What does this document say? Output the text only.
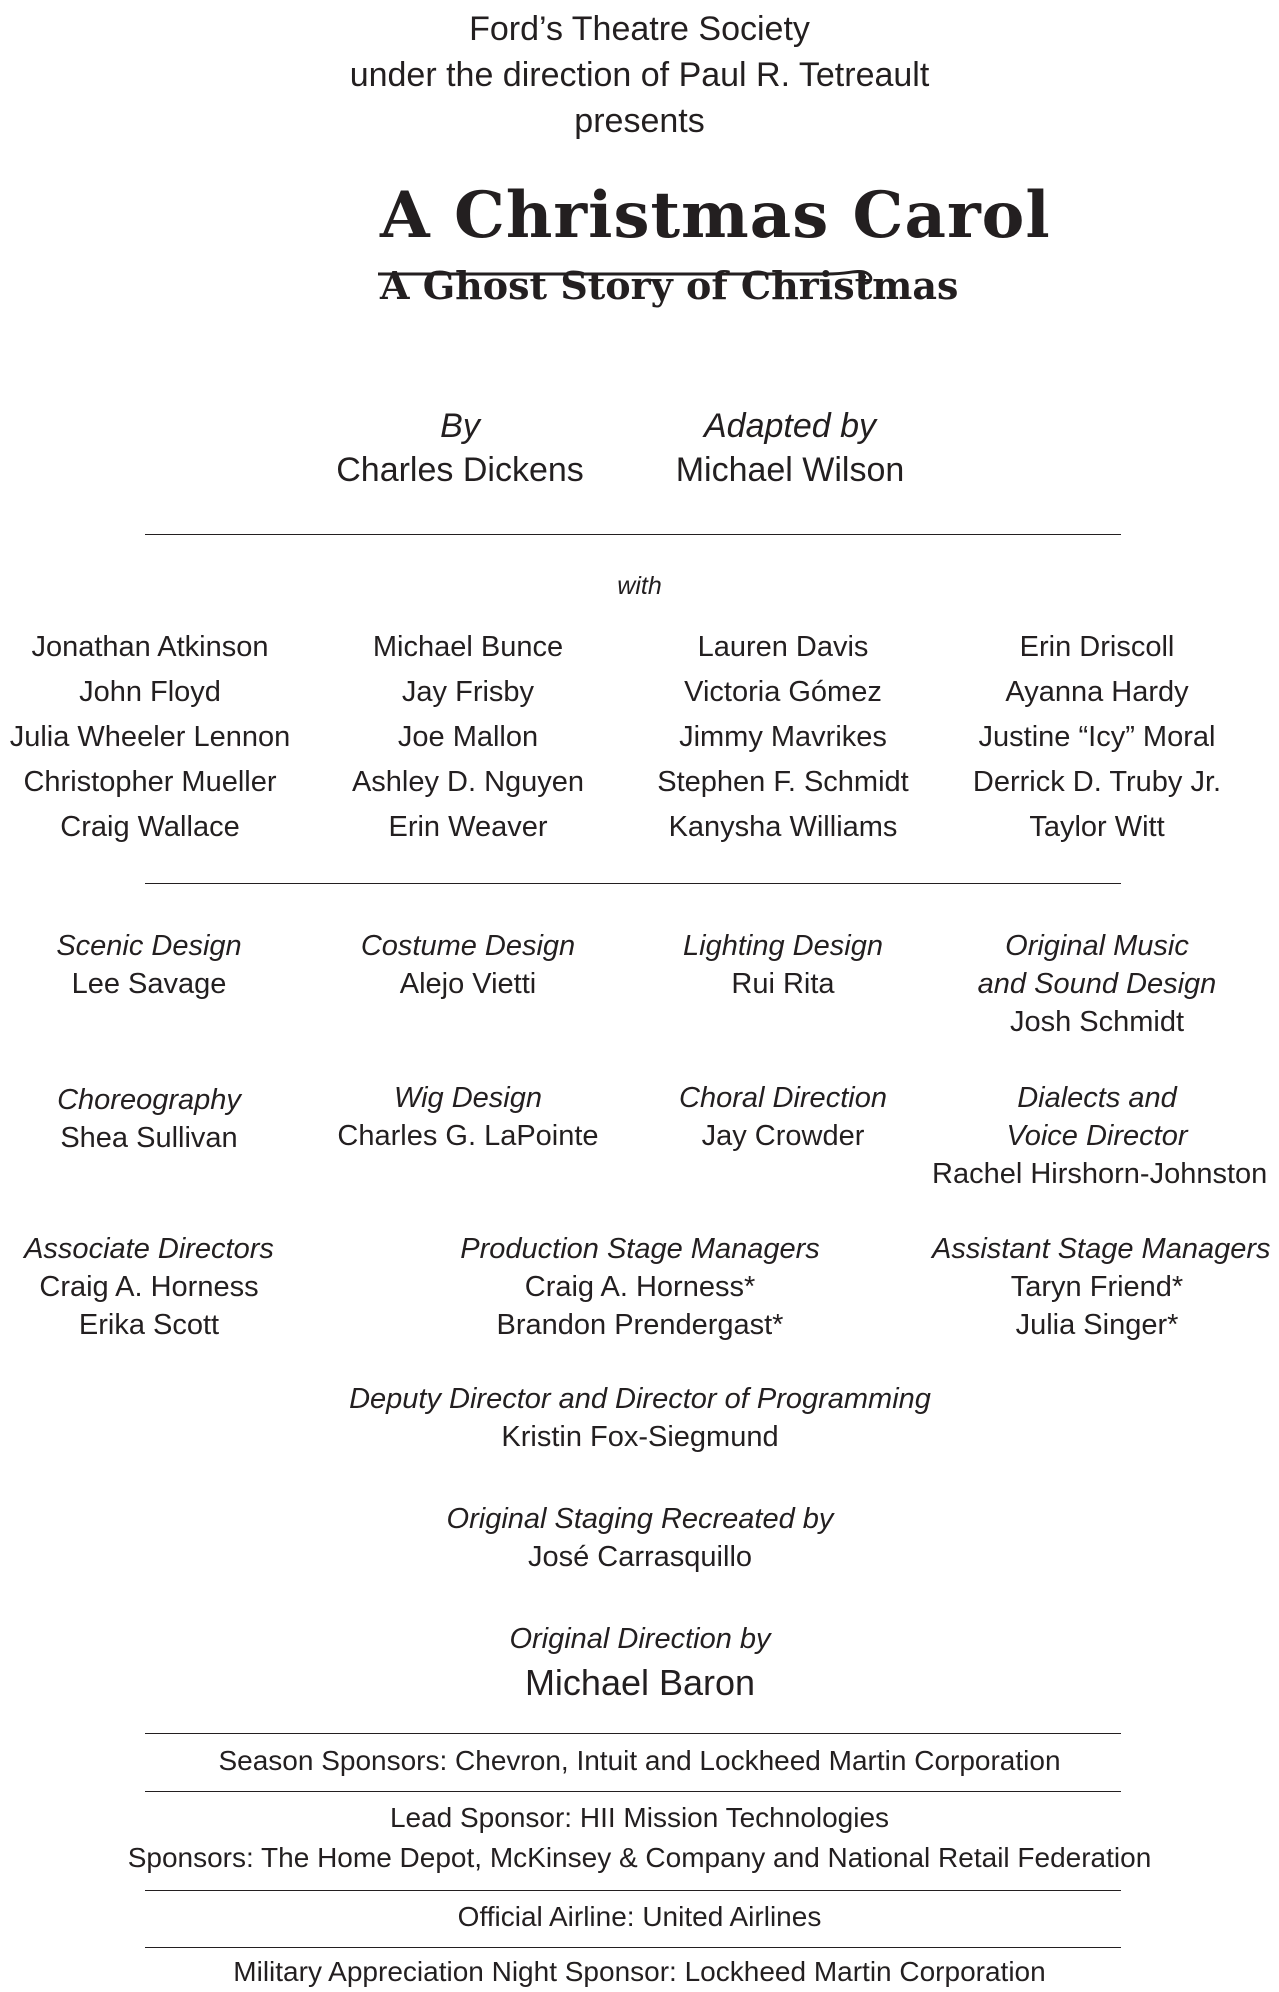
Ford’s Theatre Society
under the direction of Paul R. Tetreault
presents
A Christmas Carol
A Ghost Story of Christmas
By
Charles Dickens
Adapted by
Michael Wilson
with
Jonathan Atkinson
John Floyd
Julia Wheeler Lennon
Christopher Mueller
Craig Wallace
Michael Bunce
Jay Frisby
Joe Mallon
Ashley D. Nguyen
Erin Weaver
Lauren Davis
Victoria Gómez
Jimmy Mavrikes
Stephen F. Schmidt
Kanysha Williams
Erin Driscoll
Ayanna Hardy
Justine “Icy” Moral
Derrick D. Truby Jr.
Taylor Witt
Scenic Design
Lee Savage
Costume Design
Alejo Vietti
Lighting Design
Rui Rita
Original Music
and Sound Design
Josh Schmidt
Choreography
Shea Sullivan
Wig Design
Charles G. LaPointe
Choral Direction
Jay Crowder
Dialects and
Voice Director
Rachel Hirshorn-Johnston
Associate Directors
Craig A. Horness
Erika Scott
Production Stage Managers
Craig A. Horness*
Brandon Prendergast*
Assistant Stage Managers
Taryn Friend*
Julia Singer*
Deputy Director and Director of Programming
Kristin Fox-Siegmund
Original Staging Recreated by
José Carrasquillo
Original Direction by
Michael Baron
Season Sponsors: Chevron, Intuit and Lockheed Martin Corporation
Lead Sponsor: HII Mission Technologies
Sponsors: The Home Depot, McKinsey & Company and National Retail Federation
Official Airline: United Airlines
Military Appreciation Night Sponsor: Lockheed Martin Corporation
